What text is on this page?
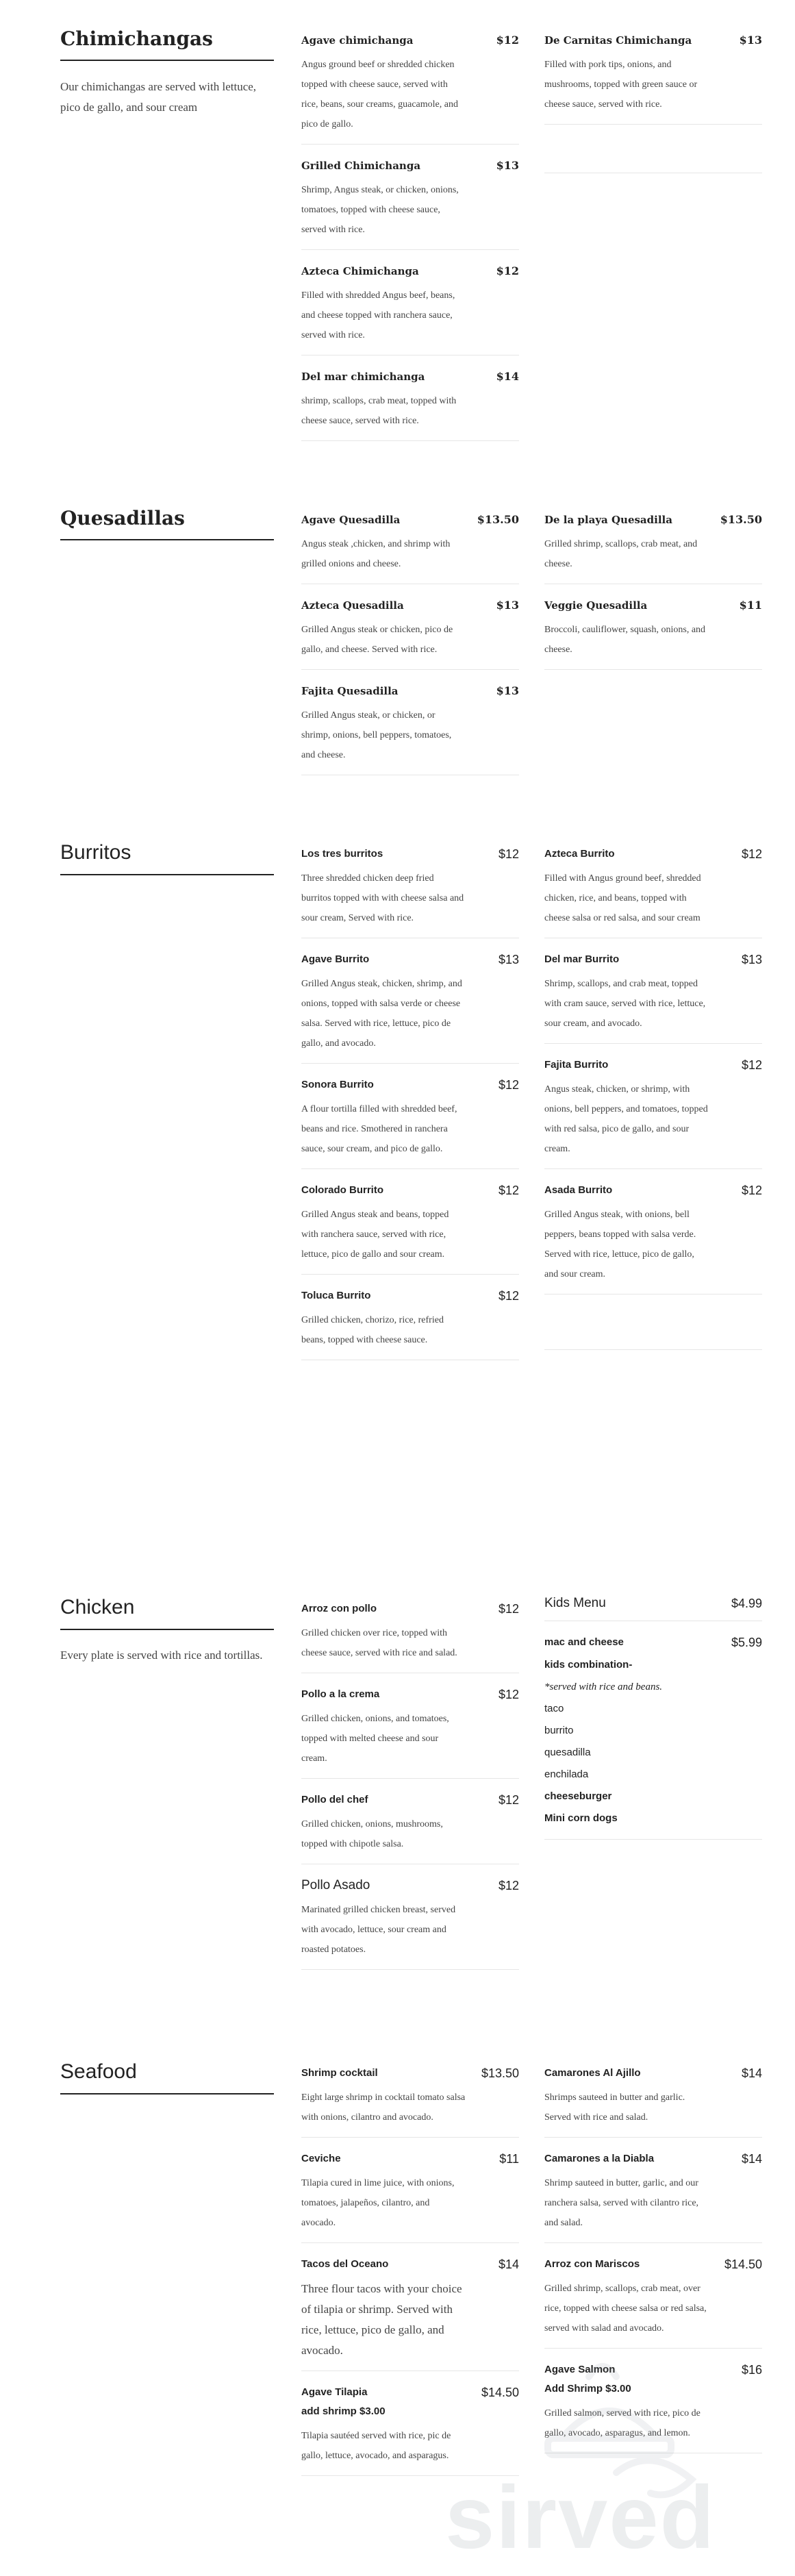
Chimichangas

Our chimichangas are served with lettuce, pico de gallo, and sour cream

Agave chimichanga	$12

Angus ground beef or shredded chicken topped with cheese sauce, served with rice, beans, sour creams, guacamole, and pico de gallo.

Grilled Chimichanga	$13

Shrimp, Angus steak, or chicken, onions, tomatoes, topped with cheese sauce, served with rice.

Azteca Chimichanga	$12

Filled with shredded Angus beef, beans, and cheese topped with ranchera sauce, served with rice.

Del mar chimichanga	$14

shrimp, scallops, crab meat, topped with cheese sauce, served with rice.

De Carnitas Chimichanga	$13

Filled with pork tips, onions, and mushrooms, topped with green sauce or cheese sauce, served with rice.

Quesadillas	Agave Quesadilla	$13.50

Angus steak ,chicken, and shrimp with grilled onions and cheese.

Azteca Quesadilla	$13

Grilled Angus steak or chicken, pico de gallo, and cheese. Served with rice.

Fajita Quesadilla	$13

Grilled Angus steak, or chicken, or shrimp, onions, bell peppers, tomatoes, and cheese.

De la playa Quesadilla	$13.50

Grilled shrimp, scallops, crab meat, and cheese.

Veggie Quesadilla	$11

Broccoli, cauliflower, squash, onions, and cheese.

Burritos	Los tres burritos	$12

Three shredded chicken deep fried burritos topped with with cheese salsa and sour cream, Served with rice.

Agave Burrito	$13

Grilled Angus steak, chicken, shrimp, and onions, topped with salsa verde or cheese salsa. Served with rice, lettuce, pico de gallo, and avocado.

Sonora Burrito	$12

A flour tortilla filled with shredded beef, beans and rice. Smothered in ranchera sauce, sour cream, and pico de gallo.

Colorado Burrito	$12

Grilled Angus steak and beans, topped with ranchera sauce, served with rice, lettuce, pico de gallo and sour cream.

Toluca Burrito	$12

Grilled chicken, chorizo, rice, refried beans, topped with cheese sauce.

Azteca Burrito	$12

Filled with Angus ground beef, shredded chicken, rice, and beans, topped with cheese salsa or red salsa, and sour cream

Del mar Burrito	$13

Shrimp, scallops, and crab meat, topped with cram sauce, served with rice, lettuce, sour cream, and avocado.

Fajita Burrito	$12

Angus steak, chicken, or shrimp, with onions, bell peppers, and tomatoes, topped with red salsa, pico de gallo, and sour cream.

Asada Burrito	$12

Grilled Angus steak, with onions, bell peppers, beans topped with salsa verde. Served with rice, lettuce, pico de gallo, and sour cream.

Chicken

Every plate is served with rice and tortillas.

Arroz con pollo	$12

Grilled chicken over rice, topped with cheese sauce, served with rice and salad.

Pollo a la crema	$12

Grilled chicken, onions, and tomatoes, topped with melted cheese and sour cream.

Pollo del chef	$12

Grilled chicken, onions, mushrooms, topped with chipotle salsa.

Pollo Asado	$12

Marinated grilled chicken breast, served with avocado, lettuce, sour cream and roasted potatoes.

Kids Menu	$4.99
mac and cheese	$5.99
kids combination-
*served with rice and beans.
taco
burrito
quesadilla
enchilada
cheeseburger
Mini corn dogs
Seafood	Shrimp cocktail	$13.50

Eight large shrimp in cocktail tomato salsa with onions, cilantro and avocado.

Ceviche	$11

Tilapia cured in lime juice, with onions, tomatoes, jalapeños, cilantro, and avocado.

Tacos del Oceano	$14

Three flour tacos with your choice of tilapia or shrimp. Served with rice, lettuce, pico de gallo, and avocado.

Agave Tilapia	$14.50

add shrimp $3.00

Tilapia sautéed served with rice, pic de gallo, lettuce, avocado, and asparagus.

Camarones Al Ajillo	$14

Shrimps sauteed in butter and garlic. Served with rice and salad.

Camarones a la Diabla	$14

Shrimp sauteed in butter, garlic, and our ranchera salsa, served with cilantro rice, and salad.

Arroz con Mariscos	$14.50

Grilled shrimp, scallops, crab meat, over rice, topped with cheese salsa or red salsa, served with salad and avocado.

Agave Salmon	$16

Add Shrimp $3.00

Grilled salmon, served with rice, pico de gallo, avocado, asparagus, and lemon.

sirved
